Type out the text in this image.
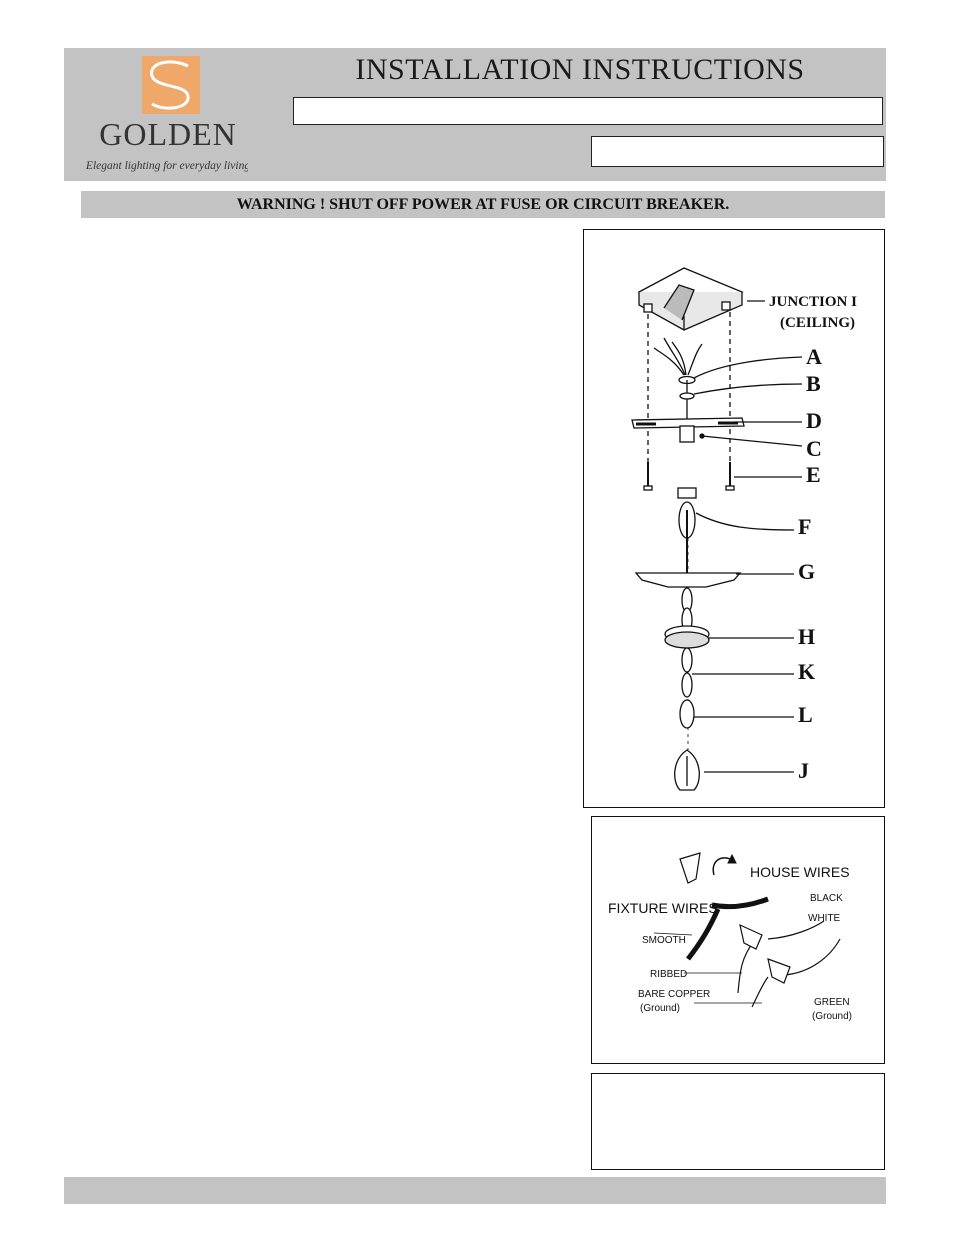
GOLDEN
Elegant lighting for everyday living
INSTALLATION INSTRUCTIONS
WARNING ! SHUT OFF POWER AT FUSE OR CIRCUIT BREAKER.
JUNCTION I
(CEILING)
A
B
D
C
E
F
G
H
K
L
J
HOUSE WIRES
FIXTURE WIRES
BLACK
WHITE
SMOOTH
RIBBED
BARE COPPER
(Ground)
GREEN
(Ground)
